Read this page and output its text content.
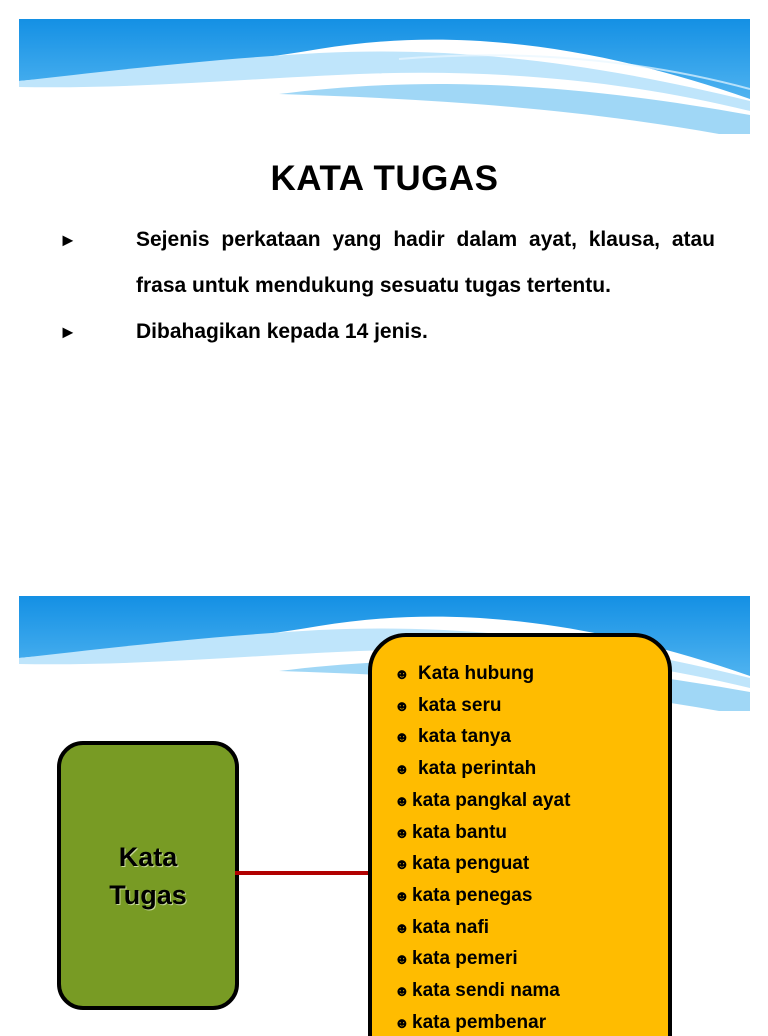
KATA TUGAS
►	Sejenis perkataan yang hadir dalam ayat, klausa, atau frasa untuk mendukung sesuatu tugas tertentu.
►	Dibahagikan kepada 14 jenis.
Kata
Tugas
☻ Kata hubung
☻ kata seru
☻ kata tanya
☻ kata perintah
☻ kata pangkal ayat
☻ kata bantu
☻ kata penguat
☻ kata penegas
☻ kata nafi
☻ kata pemeri
☻ kata sendi nama
☻ kata pembenar
